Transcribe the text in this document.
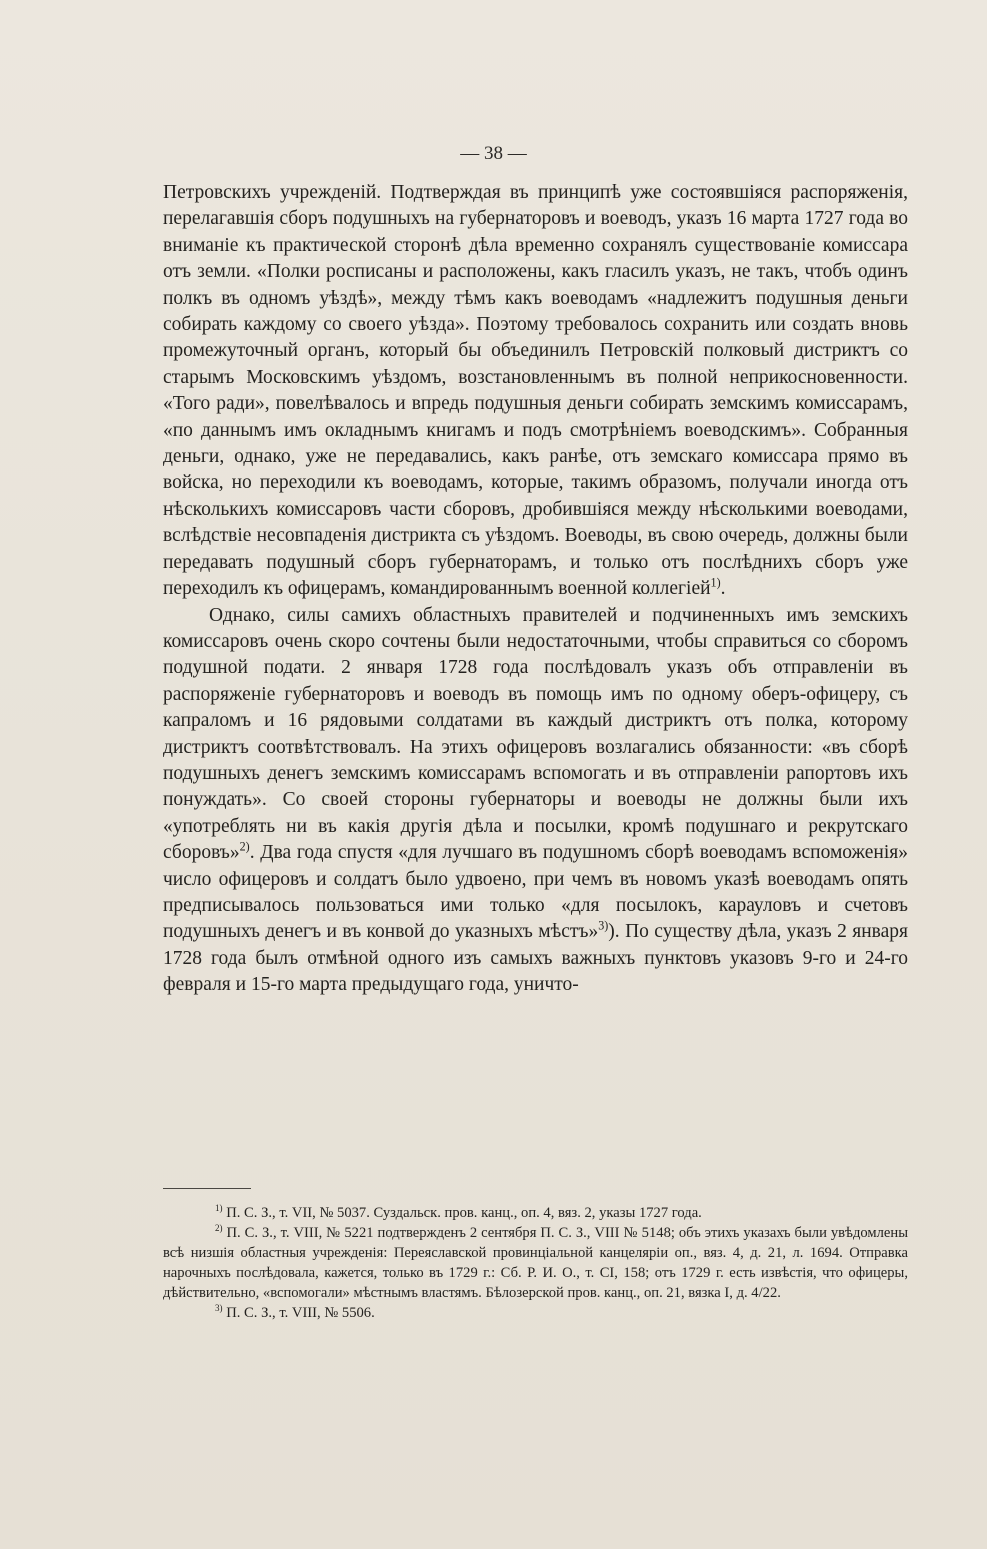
— 38 —

Петровскихъ учрежденій. Подтверждая въ принципѣ уже состоявшіяся распоряженія, перелагавшія сборъ подушныхъ на губернаторовъ и воеводъ, указъ 16 марта 1727 года во вниманіе къ практической сторонѣ дѣла временно сохранялъ существованіе комиссара отъ земли. «Полки росписаны и расположены, какъ гласилъ указъ, не такъ, чтобъ одинъ полкъ въ одномъ уѣздѣ», между тѣмъ какъ воеводамъ «надлежитъ подушныя деньги собирать каждому со своего уѣзда». Поэтому требовалось сохранить или создать вновь промежуточный органъ, который бы объединилъ Петровскій полковый дистриктъ со старымъ Московскимъ уѣздомъ, возстановленнымъ въ полной неприкосновенности. «Того ради», повелѣвалось и впредь подушныя деньги собирать земскимъ комиссарамъ, «по даннымъ имъ окладнымъ книгамъ и подъ смотрѣніемъ воеводскимъ». Собранныя деньги, однако, уже не передавались, какъ ранѣе, отъ земскаго комиссара прямо въ войска, но переходили къ воеводамъ, которые, такимъ образомъ, получали иногда отъ нѣсколькихъ комиссаровъ части сборовъ, дробившіяся между нѣсколькими воеводами, вслѣдствіе несовпаденія дистрикта съ уѣздомъ. Воеводы, въ свою очередь, должны были передавать подушный сборъ губернаторамъ, и только отъ послѣднихъ сборъ уже переходилъ къ офицерамъ, командированнымъ военной коллегіей$^{1)}$.

Однако, силы самихъ областныхъ правителей и подчиненныхъ имъ земскихъ комиссаровъ очень скоро сочтены были недостаточными, чтобы справиться со сборомъ подушной подати. 2 января 1728 года послѣдовалъ указъ объ отправленіи въ распоряженіе губернаторовъ и воеводъ въ помощь имъ по одному оберъ-офицеру, съ капраломъ и 16 рядовыми солдатами въ каждый дистриктъ отъ полка, которому дистриктъ соотвѣтствовалъ. На этихъ офицеровъ возлагались обязанности: «въ сборѣ подушныхъ денегъ земскимъ комиссарамъ вспомогать и въ отправленіи рапортовъ ихъ понуждать». Со своей стороны губернаторы и воеводы не должны были ихъ «употреблять ни въ какія другія дѣла и посылки, кромѣ подушнаго и рекрутскаго сборовъ»$^{2)}$. Два года спустя «для лучшаго въ подушномъ сборѣ воеводамъ вспоможенія» число офицеровъ и солдатъ было удвоено, при чемъ въ новомъ указѣ воеводамъ опять предписывалось пользоваться ими только «для посылокъ, карауловъ и счетовъ подушныхъ денегъ и въ конвой до указныхъ мѣстъ»$^{3)}$). По существу дѣла, указъ 2 января 1728 года былъ отмѣной одного изъ самыхъ важныхъ пунктовъ указовъ 9-го и 24-го февраля и 15-го марта предыдущаго года, уничто-

$^{1)}$ П. С. З., т. VII, № 5037. Суздальск. пров. канц., оп. 4, вяз. 2, указы 1727 года.

$^{2)}$ П. С. З., т. VIII, № 5221 подтвержденъ 2 сентября П. С. З., VIII № 5148; объ этихъ указахъ были увѣдомлены всѣ низшія областныя учрежденія: Переяславской провинціальной канцеляріи оп., вяз. 4, д. 21, л. 1694. Отправка нарочныхъ послѣдовала, кажется, только въ 1729 г.: Сб. Р. И. О., т. CI, 158; отъ 1729 г. есть извѣстія, что офицеры, дѣйствительно, «вспомогали» мѣстнымъ властямъ. Бѣлозерской пров. канц., оп. 21, вязка I, д. 4/22.

$^{3)}$ П. С. З., т. VIII, № 5506.
